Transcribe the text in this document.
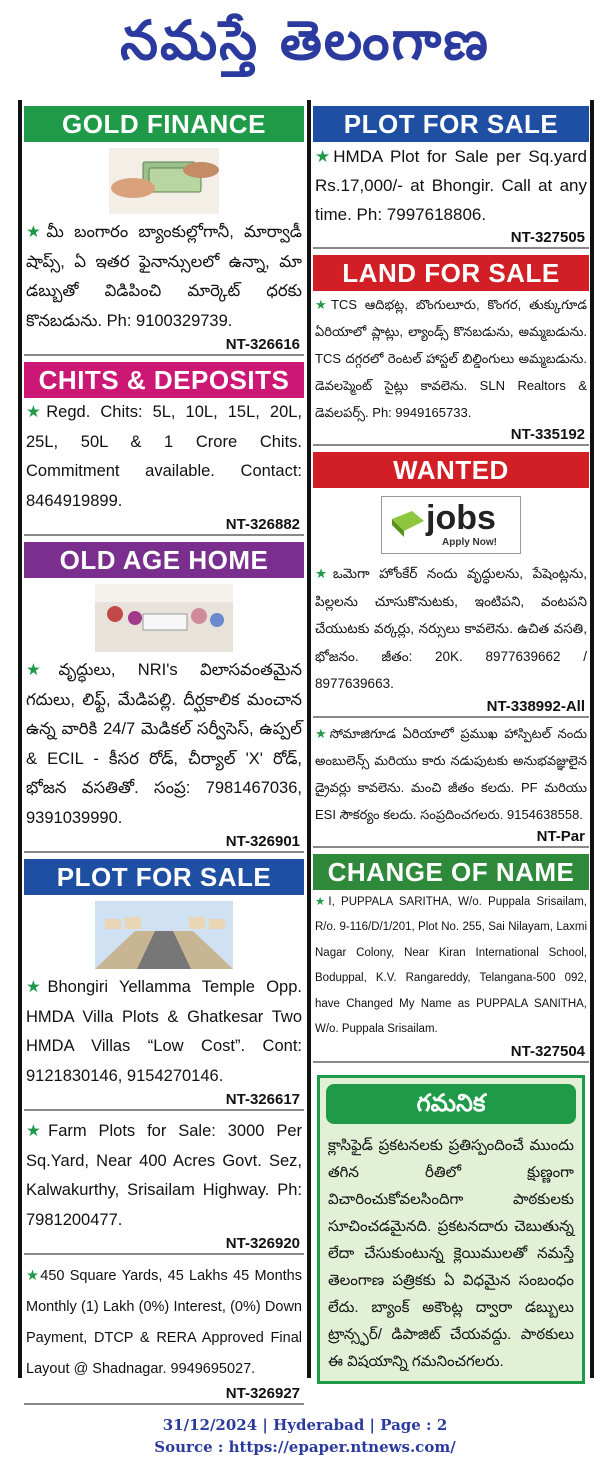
నమస్తే తెలంగాణ
GOLD FINANCE
★మీ బంగారం బ్యాంకుల్లోగానీ, మార్వాడీ షాప్స్, ఏ ఇతర ఫైనాన్సులలో ఉన్నా, మా డబ్బుతో విడిపించి మార్కెట్ ధరకు కొనబడును. Ph: 9100329739.
NT-326616
CHITS & DEPOSITS
★Regd. Chits: 5L, 10L, 15L, 20L, 25L, 50L & 1 Crore Chits. Commitment available. Contact: 8464919899.
NT-326882
OLD AGE HOME
★వృద్ధులు, NRI's విలాసవంతమైన గదులు, లిఫ్ట్, మేడిపల్లి. దీర్ఘకాలిక మంచాన ఉన్న వారికి 24/7 మెడికల్ సర్వీసెస్, ఉప్పల్ & ECIL - కీసర రోడ్, చీర్యాల్ 'X' రోడ్, భోజన వసతితో. సంప్ర: 7981467036, 9391039990.
NT-326901
PLOT FOR SALE
★Bhongiri Yellamma Temple Opp. HMDA Villa Plots & Ghatkesar Two HMDA Villas “Low Cost”. Cont: 9121830146, 9154270146.
NT-326617
★Farm Plots for Sale: 3000 Per Sq.Yard, Near 400 Acres Govt. Sez, Kalwakurthy, Srisailam Highway. Ph: 7981200477.
NT-326920
★450 Square Yards, 45 Lakhs 45 Months Monthly (1) Lakh (0%) Interest, (0%) Down Payment, DTCP & RERA Approved Final Layout @ Shadnagar. 9949695027.
NT-326927
PLOT FOR SALE
★HMDA Plot for Sale per Sq.yard Rs.17,000/- at Bhongir. Call at any time. Ph: 7997618806.
NT-327505
LAND FOR SALE
★TCS ఆదిభట్ల, బొంగులూరు, కొంగర, తుక్కుగూడ ఏరియాలో ప్లాట్లు, ల్యాండ్స్ కొనబడును, అమ్మబడును. TCS దగ్గరలో రెంటల్ హాస్టల్ బిల్డింగులు అమ్మబడును. డెవలప్మెంట్ సైట్లు కావలెను. SLN Realtors & డెవలపర్స్. Ph: 9949165733.
NT-335192
WANTED
jobs
Apply Now!
★ఒమెగా హోంకేర్ నందు వృద్ధులను, పేషెంట్లను, పిల్లలను చూసుకొనుటకు, ఇంటిపని, వంటపని చేయుటకు వర్కర్లు, నర్సులు కావలెను. ఉచిత వసతి, భోజనం. జీతం: 20K. 8977639662 / 8977639663.
NT-338992-All
★సోమాజిగూడ ఏరియాలో ప్రముఖ హాస్పిటల్ నందు అంబులెన్స్ మరియు కారు నడుపుటకు అనుభవజ్ఞులైన డ్రైవర్లు కావలెను. మంచి జీతం కలదు. PF మరియు ESI సౌకర్యం కలదు. సంప్రదించగలరు. 9154638558.
NT-Par
CHANGE OF NAME
★I, PUPPALA SARITHA, W/o. Puppala Srisailam, R/o. 9-116/D/1/201, Plot No. 255, Sai Nilayam, Laxmi Nagar Colony, Near Kiran International School, Boduppal, K.V. Rangareddy, Telangana-500 092, have Changed My Name as PUPPALA SANITHA, W/o. Puppala Srisailam.
NT-327504
గమనిక
క్లాసిఫైడ్ ప్రకటనలకు ప్రతిస్పందించే ముందు తగిన రీతిలో క్షుణ్ణంగా విచారించుకోవలసిందిగా పాఠకులకు సూచించడమైనది. ప్రకటనదారు చెబుతున్న లేదా చేసుకుంటున్న క్లెయిములతో నమస్తే తెలంగాణ పత్రికకు ఏ విధమైన సంబంధం లేదు. బ్యాంక్ అకౌంట్ల ద్వారా డబ్బులు ట్రాన్స్ఫర్/ డిపాజిట్ చేయవద్దు. పాఠకులు ఈ విషయాన్ని గమనించగలరు.
31/12/2024 | Hyderabad | Page : 2
Source : https://epaper.ntnews.com/
